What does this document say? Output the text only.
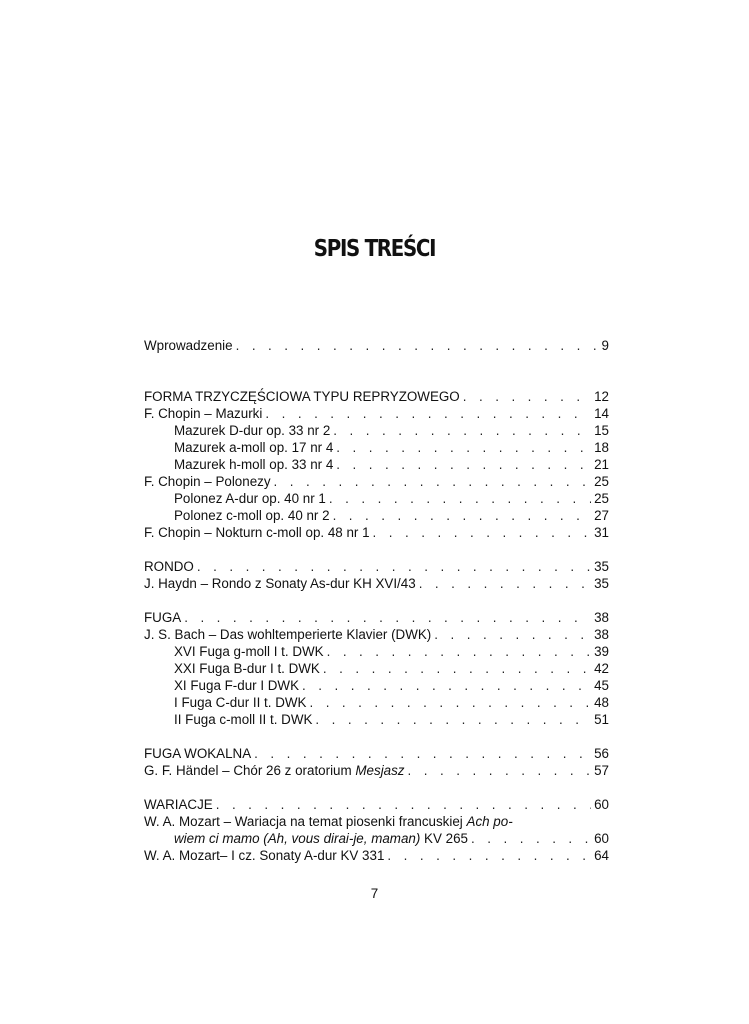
SPIS TREŚCI
Wprowadzenie . . .	9
FORMA TRZYCZĘŚCIOWA TYPU REPRYZOWEGO . . .	12
F. Chopin – Mazurki . . .	14
Mazurek D-dur op. 33 nr 2 . . .	15
Mazurek a-moll op. 17 nr 4 . . .	18
Mazurek h-moll op. 33 nr 4 . . .	21
F. Chopin – Polonezy . . .	25
Polonez A-dur op. 40 nr 1 . . .	25
Polonez c-moll op. 40 nr 2 . . .	27
F. Chopin – Nokturn c-moll op. 48 nr 1 . . .	31
RONDO . . .	35
J. Haydn – Rondo z Sonaty As-dur KH XVI/43 . . .	35
FUGA . . .	38
J. S. Bach – Das wohltemperierte Klavier (DWK) . . .	38
XVI Fuga g-moll I t. DWK . . .	39
XXI Fuga B-dur I t. DWK . . .	42
XI Fuga F-dur I DWK . . .	45
I Fuga C-dur II t. DWK . . .	48
II Fuga c-moll II t. DWK . . .	51
FUGA WOKALNA . . .	56
G. F. Händel – Chór 26 z oratorium Mesjasz . . .	57
WARIACJE . . .	60
W. A. Mozart – Wariacja na temat piosenki francuskiej Ach po-
wiem ci mamo (Ah, vous dirai-je, maman) KV 265 . . .	60
W. A. Mozart– I cz. Sonaty A-dur KV 331 . . .	64
7
